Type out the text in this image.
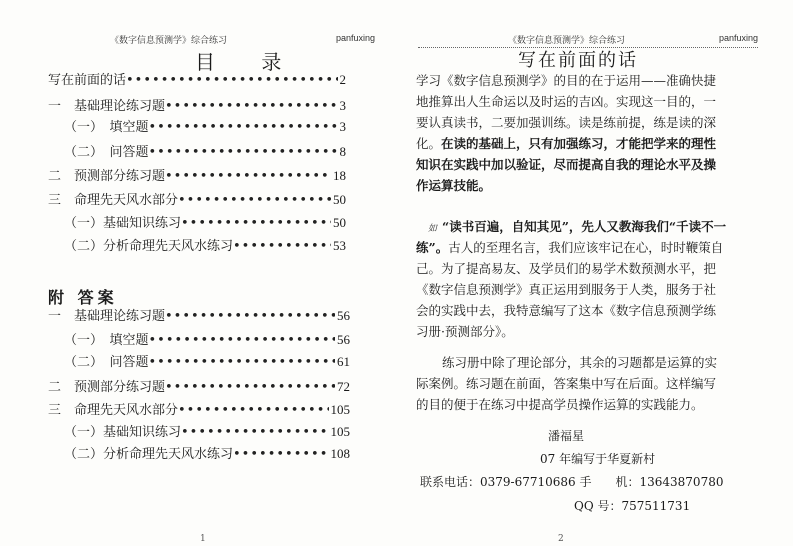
《数字信息预测学》综合练习	panfuxing
目 录
写在前面的话 •••••	2
一　基础理论练习题 •••••	3
（一）　填空题 •••••	3
（二）　问答题 •••••	8
二　预测部分练习题 •••••	18
三　命理先天风水部分 •••••	50
（一）基础知识练习 •••••	50
（二）分析命理先天风水练习 •••••	53
附 答案
一　基础理论练习题 •••••	56
（一）　填空题 •••••	56
（二）　问答题 •••••	61
二　预测部分练习题 •••••	72
三　命理先天风水部分 •••••	105
（一）基础知识练习 •••••	105
（二）分析命理先天风水练习 •••••	108
1
《数字信息预测学》综合练习	panfuxing
写在前面的话
学习《数字信息预测学》的目的在于运用——准确快捷地推算出人生命运以及时运的吉凶。实现这一目的，一要认真读书，二要加强训练。读是练前提，练是读的深化。在读的基础上，只有加强练习，才能把学来的理性知识在实践中加以验证，尽而提高自我的理论水平及操作运算技能。
如 “读书百遍，自知其见”，先人又教海我们“千读不一练”。古人的至理名言，我们应该牢记在心，时时鞭策自己。为了提高易友、及学员们的易学术数预测水平，把《数字信息预测学》真正运用到服务于人类，服务于社会的实践中去，我特意编写了这本《数字信息预测学练习册·预测部分》。
练习册中除了理论部分，其余的习题都是运算的实际案例。练习题在前面，答案集中写在后面。这样编写的目的便于在练习中提高学员操作运算的实践能力。
潘福星
07 年编写于华夏新村
联系电话：0379-67710686 手　　机：13643870780
QQ 号：757511731
2
